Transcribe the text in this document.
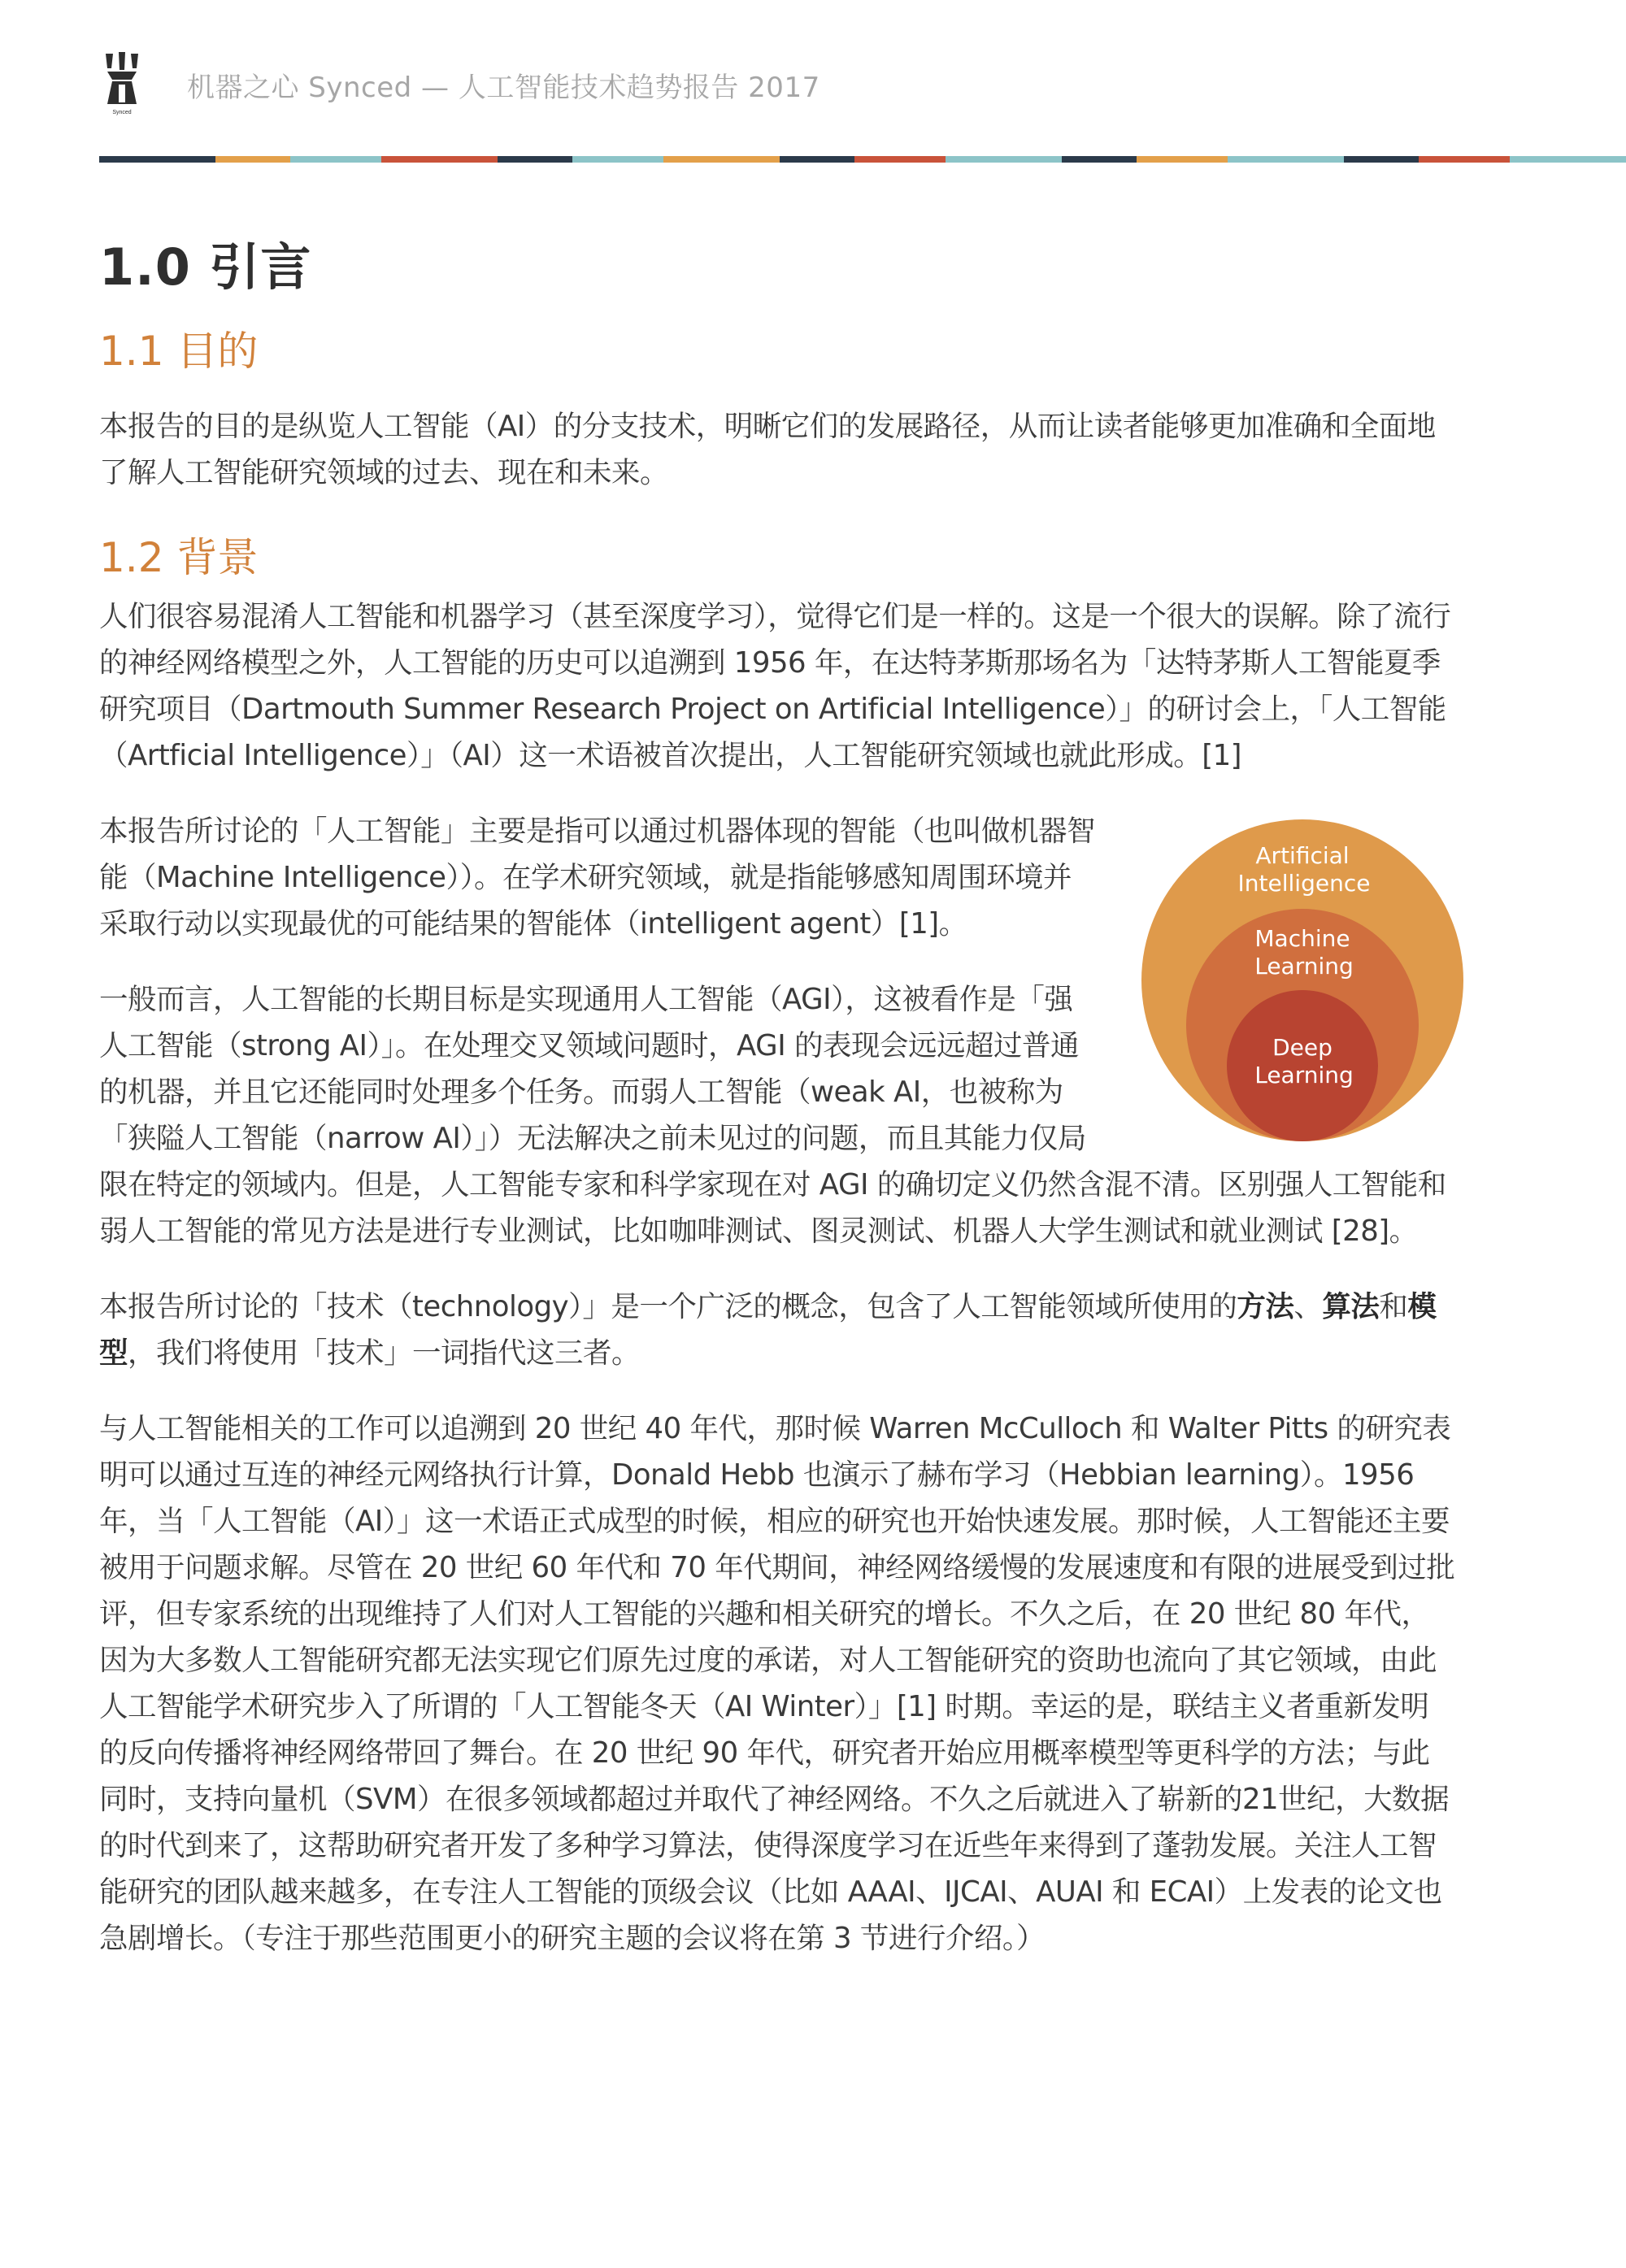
Synced
机器之心 Synced — 人工智能技术趋势报告 2017
1.0 引言
1.1 目的

本报告的目的是纵览人工智能（AI）的分支技术，明晰它们的发展路径，从而让读者能够更加准确和全面地了解人工智能研究领域的过去、现在和未来。

1.2 背景

人们很容易混淆人工智能和机器学习（甚至深度学习），觉得它们是一样的。这是一个很大的误解。除了流行的神经网络模型之外，人工智能的历史可以追溯到 1956 年，在达特茅斯那场名为「达特茅斯人工智能夏季研究项目（Dartmouth Summer Research Project on Artificial Intelligence）」的研讨会上，「人工智能（Artficial Intelligence）」（AI）这一术语被首次提出，人工智能研究领域也就此形成。[1]

Artificial
Intelligence
Machine
Learning
Deep
Learning

本报告所讨论的「人工智能」主要是指可以通过机器体现的智能（也叫做机器智能（Machine Intelligence））。在学术研究领域，就是指能够感知周围环境并采取行动以实现最优的可能结果的智能体（intelligent agent）[1]。

一般而言，人工智能的长期目标是实现通用人工智能（AGI），这被看作是「强人工智能（strong AI）」。在处理交叉领域问题时，AGI 的表现会远远超过普通的机器，并且它还能同时处理多个任务。而弱人工智能（weak AI，也被称为「狭隘人工智能（narrow AI）」）无法解决之前未见过的问题，而且其能力仅局限在特定的领域内。但是，人工智能专家和科学家现在对 AGI 的确切定义仍然含混不清。区别强人工智能和弱人工智能的常见方法是进行专业测试，比如咖啡测试、图灵测试、机器人大学生测试和就业测试 [28]。

本报告所讨论的「技术（technology）」是一个广泛的概念，包含了人工智能领域所使用的方法、算法和模型，我们将使用「技术」一词指代这三者。

与人工智能相关的工作可以追溯到 20 世纪 40 年代，那时候 Warren McCulloch 和 Walter Pitts 的研究表明可以通过互连的神经元网络执行计算，Donald Hebb 也演示了赫布学习（Hebbian learning）。1956 年，当「人工智能（AI）」这一术语正式成型的时候，相应的研究也开始快速发展。那时候，人工智能还主要被用于问题求解。尽管在 20 世纪 60 年代和 70 年代期间，神经网络缓慢的发展速度和有限的进展受到过批评，但专家系统的出现维持了人们对人工智能的兴趣和相关研究的增长。不久之后，在 20 世纪 80 年代，因为大多数人工智能研究都无法实现它们原先过度的承诺，对人工智能研究的资助也流向了其它领域，由此人工智能学术研究步入了所谓的「人工智能冬天（AI Winter）」[1] 时期。幸运的是，联结主义者重新发明的反向传播将神经网络带回了舞台。在 20 世纪 90 年代，研究者开始应用概率模型等更科学的方法；与此同时，支持向量机（SVM）在很多领域都超过并取代了神经网络。不久之后就进入了崭新的21世纪，大数据的时代到来了，这帮助研究者开发了多种学习算法，使得深度学习在近些年来得到了蓬勃发展。关注人工智能研究的团队越来越多，在专注人工智能的顶级会议（比如 AAAI、IJCAI、AUAI 和 ECAI）上发表的论文也急剧增长。（专注于那些范围更小的研究主题的会议将在第 3 节进行介绍。）
